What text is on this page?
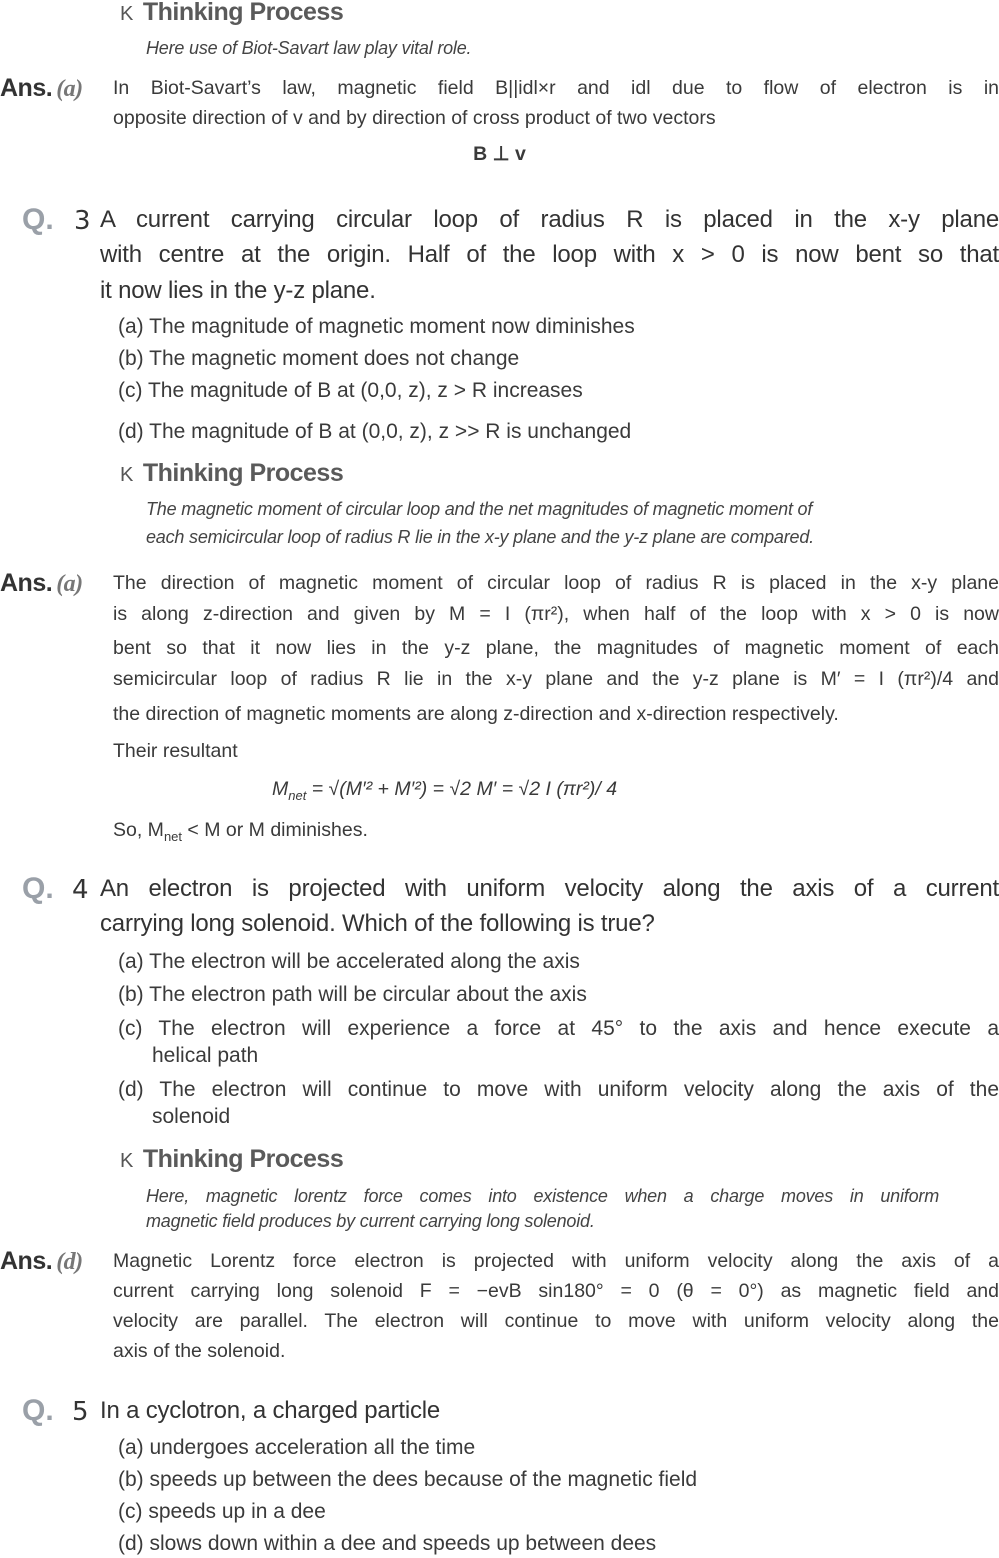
K Thinking Process
Here use of Biot-Savart law play vital role.
Ans. (a) In Biot-Savart’s law, magnetic field B||idl×r and idl due to flow of electron is in
opposite direction of v and by direction of cross product of two vectors
B ⊥ v
Q. 3 A current carrying circular loop of radius R is placed in the x-y plane
with centre at the origin. Half of the loop with x > 0 is now bent so that
it now lies in the y-z plane.
(a) The magnitude of magnetic moment now diminishes
(b) The magnetic moment does not change
(c) The magnitude of B at (0,0, z), z > R increases
(d) The magnitude of B at (0,0, z), z >> R is unchanged
K Thinking Process
The magnetic moment of circular loop and the net magnitudes of magnetic moment of
each semicircular loop of radius R lie in the x-y plane and the y-z plane are compared.
Ans. (a) The direction of magnetic moment of circular loop of radius R is placed in the x-y plane
is along z-direction and given by M = I (πr²), when half of the loop with x > 0 is now
bent so that it now lies in the y-z plane, the magnitudes of magnetic moment of each
semicircular loop of radius R lie in the x-y plane and the y-z plane is M′ = I (πr²)/4 and
the direction of magnetic moments are along z-direction and x-direction respectively.
Their resultant
$M_{net} = √(M'^2 + M'^2) = √2$ M′ = √2 I (πr²)/ 4
So, $M_{net} < M$ or M diminishes.
Q. 4 An electron is projected with uniform velocity along the axis of a current
carrying long solenoid. Which of the following is true?
(a) The electron will be accelerated along the axis
(b) The electron path will be circular about the axis
(c) The electron will experience a force at 45° to the axis and hence execute a
helical path
(d) The electron will continue to move with uniform velocity along the axis of the
solenoid
K Thinking Process
Here, magnetic lorentz force comes into existence when a charge moves in uniform
magnetic field produces by current carrying long solenoid.
Ans. (d) Magnetic Lorentz force electron is projected with uniform velocity along the axis of a
current carrying long solenoid F = −evB sin180° = 0 (θ = 0°) as magnetic field and
velocity are parallel. The electron will continue to move with uniform velocity along the
axis of the solenoid.
Q. 5 In a cyclotron, a charged particle
(a) undergoes acceleration all the time
(b) speeds up between the dees because of the magnetic field
(c) speeds up in a dee
(d) slows down within a dee and speeds up between dees
